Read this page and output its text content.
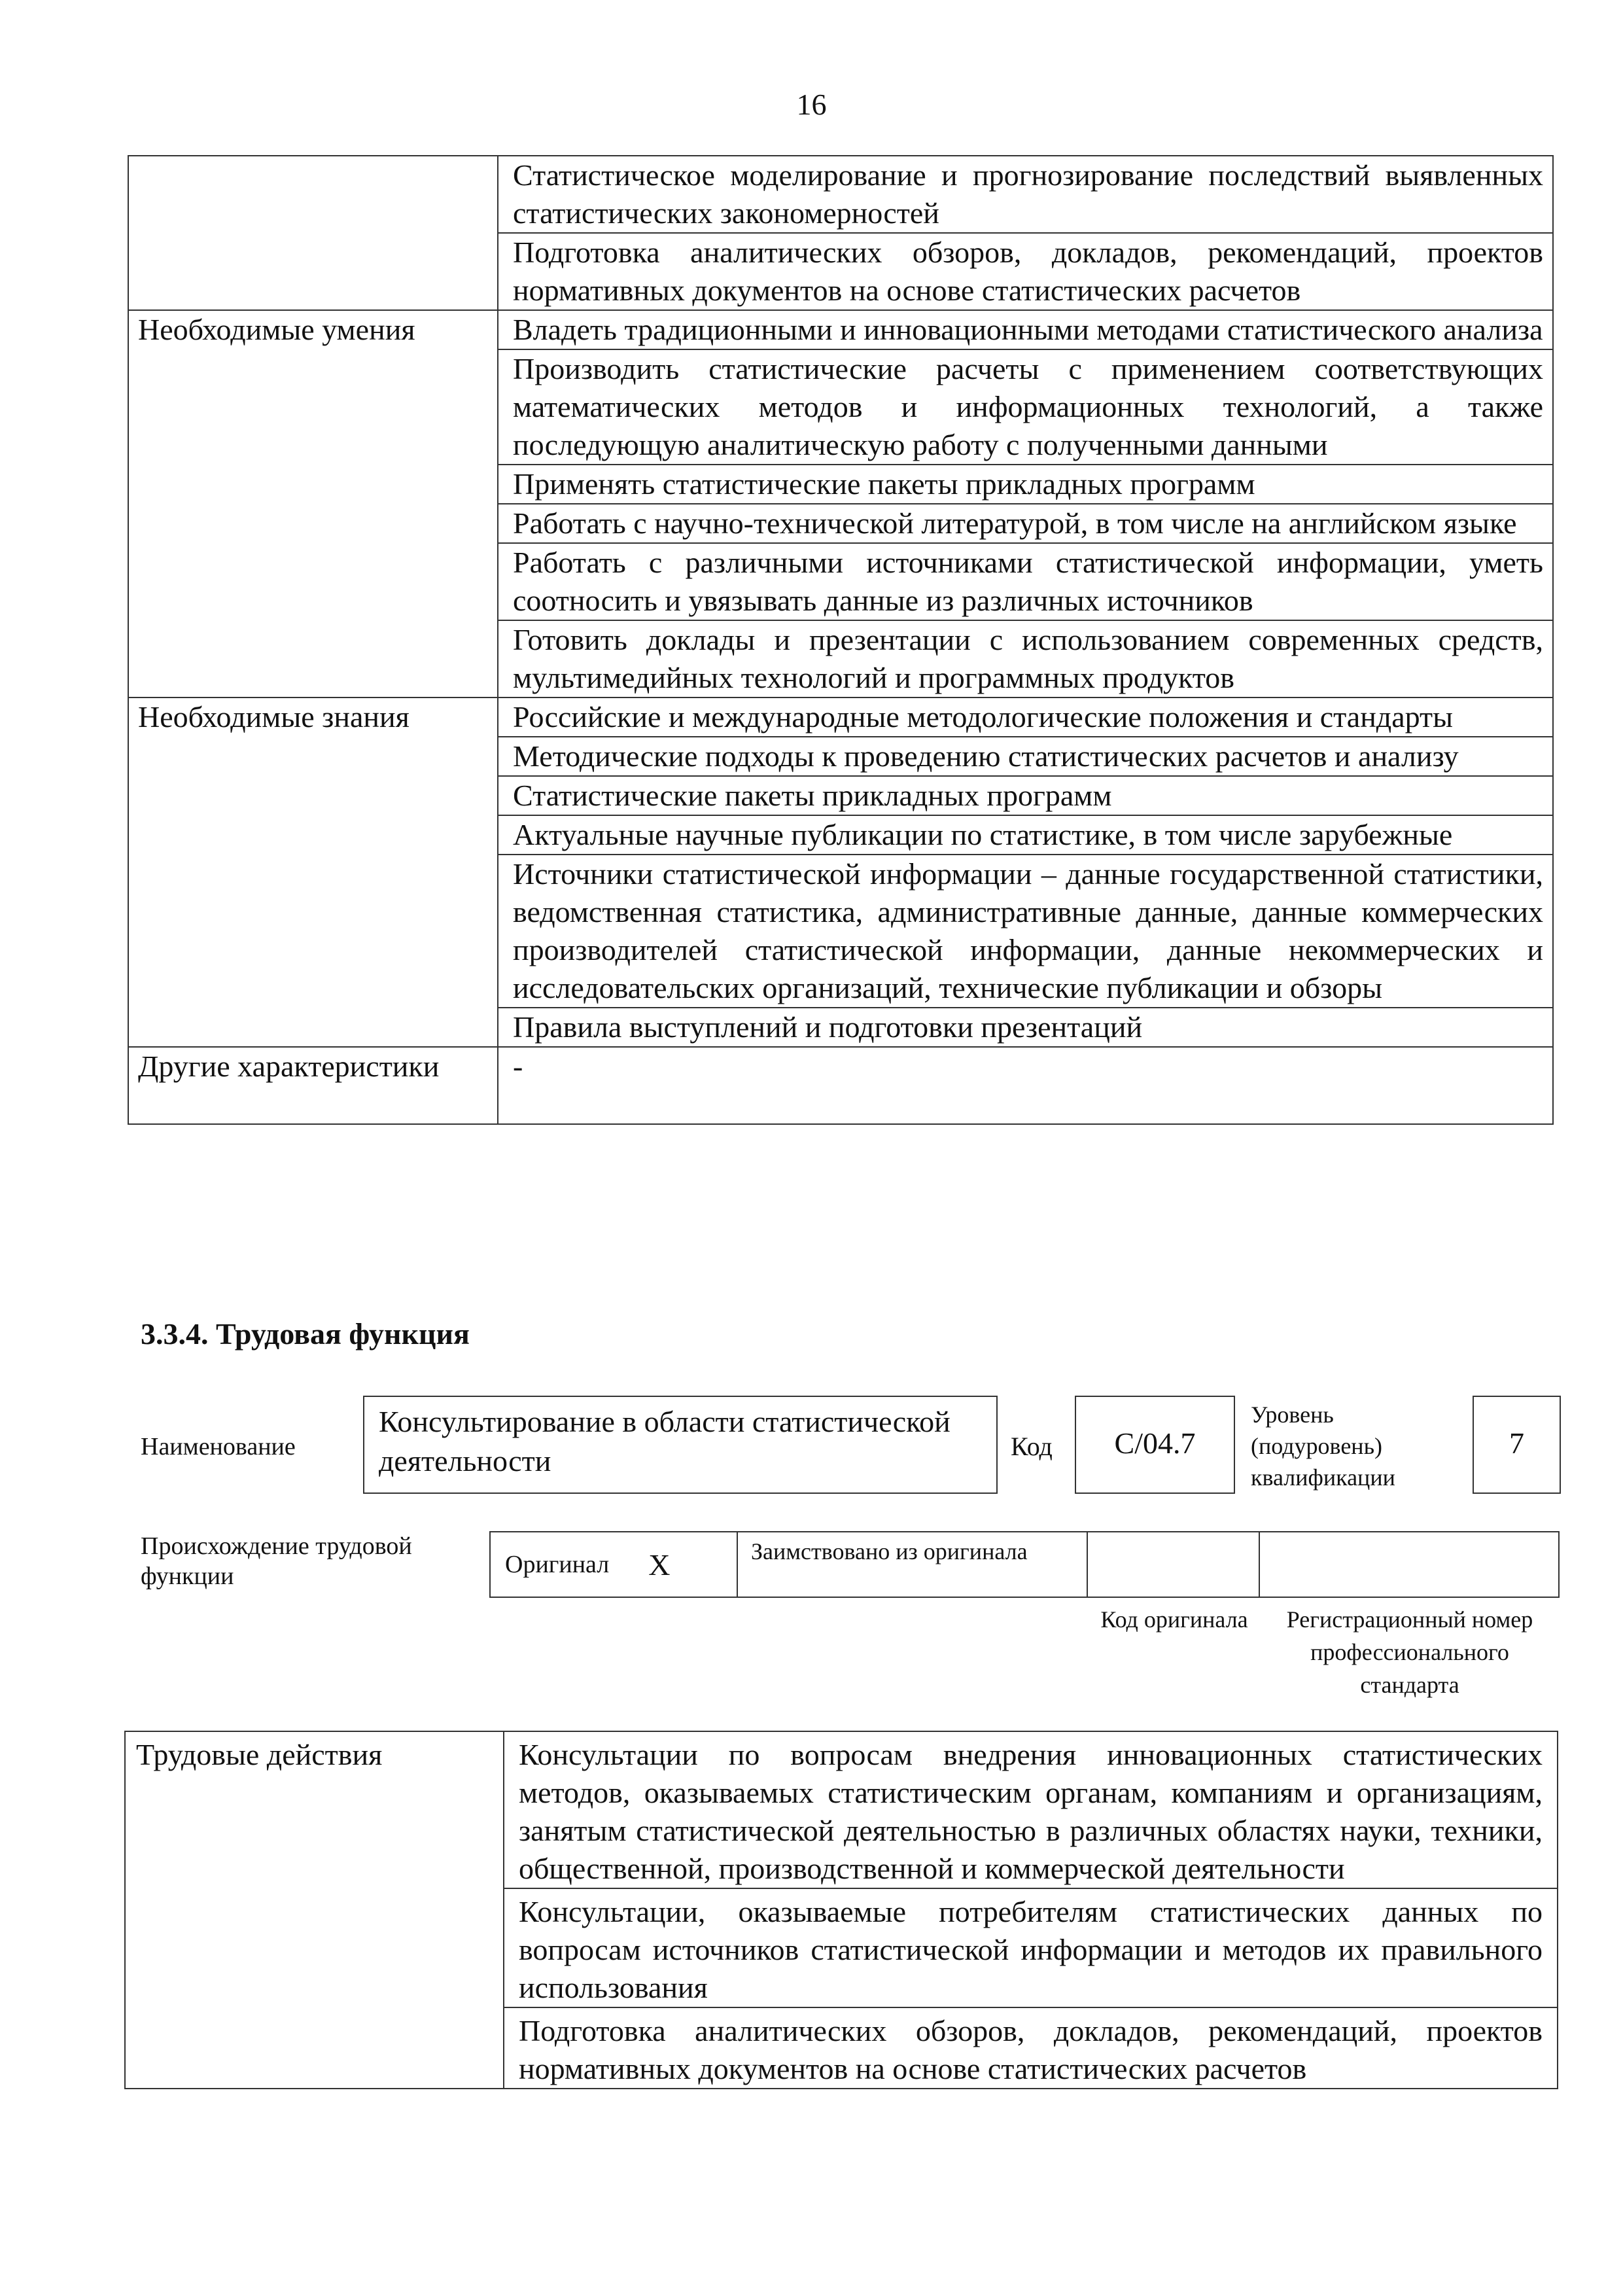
16
	Статистическое моделирование и прогнозирование последствий выявленных статистических закономерностей
	Подготовка аналитических обзоров, докладов, рекомендаций, проектов нормативных документов на основе статистических расчетов
Необходимые умения	Владеть традиционными и инновационными методами статистического анализа
	Производить статистические расчеты с применением соответствующих математических методов и информационных технологий, а также последующую аналитическую работу с полученными данными
	Применять статистические пакеты прикладных программ
	Работать с научно-технической литературой, в том числе на английском языке
	Работать с различными источниками статистической информации, уметь соотносить и увязывать данные из различных источников
	Готовить доклады и презентации с использованием современных средств, мультимедийных технологий и программных продуктов
Необходимые знания	Российские и международные методологические положения и стандарты
	Методические подходы к проведению статистических расчетов и анализу
	Статистические пакеты прикладных программ
	Актуальные научные публикации по статистике, в том числе зарубежные
	Источники статистической информации – данные государственной статистики, ведомственная статистика, административные данные, данные коммерческих производителей статистической информации, данные некоммерческих и исследовательских организаций, технические публикации и обзоры
	Правила выступлений и подготовки презентаций
Другие характеристики	-
3.3.4. Трудовая функция
Наименование
Консультирование в области статистической деятельности	Код	C/04.7
Уровень (подуровень) квалификации
7
Происхождение трудовой функции	Оригинал X	Заимствовано из оригинала
Код оригинала	Регистрационный номер профессионального стандарта
Трудовые действия	Консультации по вопросам внедрения инновационных статистических методов, оказываемых статистическим органам, компаниям и организациям, занятым статистической деятельностью в различных областях науки, техники, общественной, производственной и коммерческой деятельности
Консультации, оказываемые потребителям статистических данных по вопросам источников статистической информации и методов их правильного использования
Подготовка аналитических обзоров, докладов, рекомендаций, проектов нормативных документов на основе статистических расчетов
